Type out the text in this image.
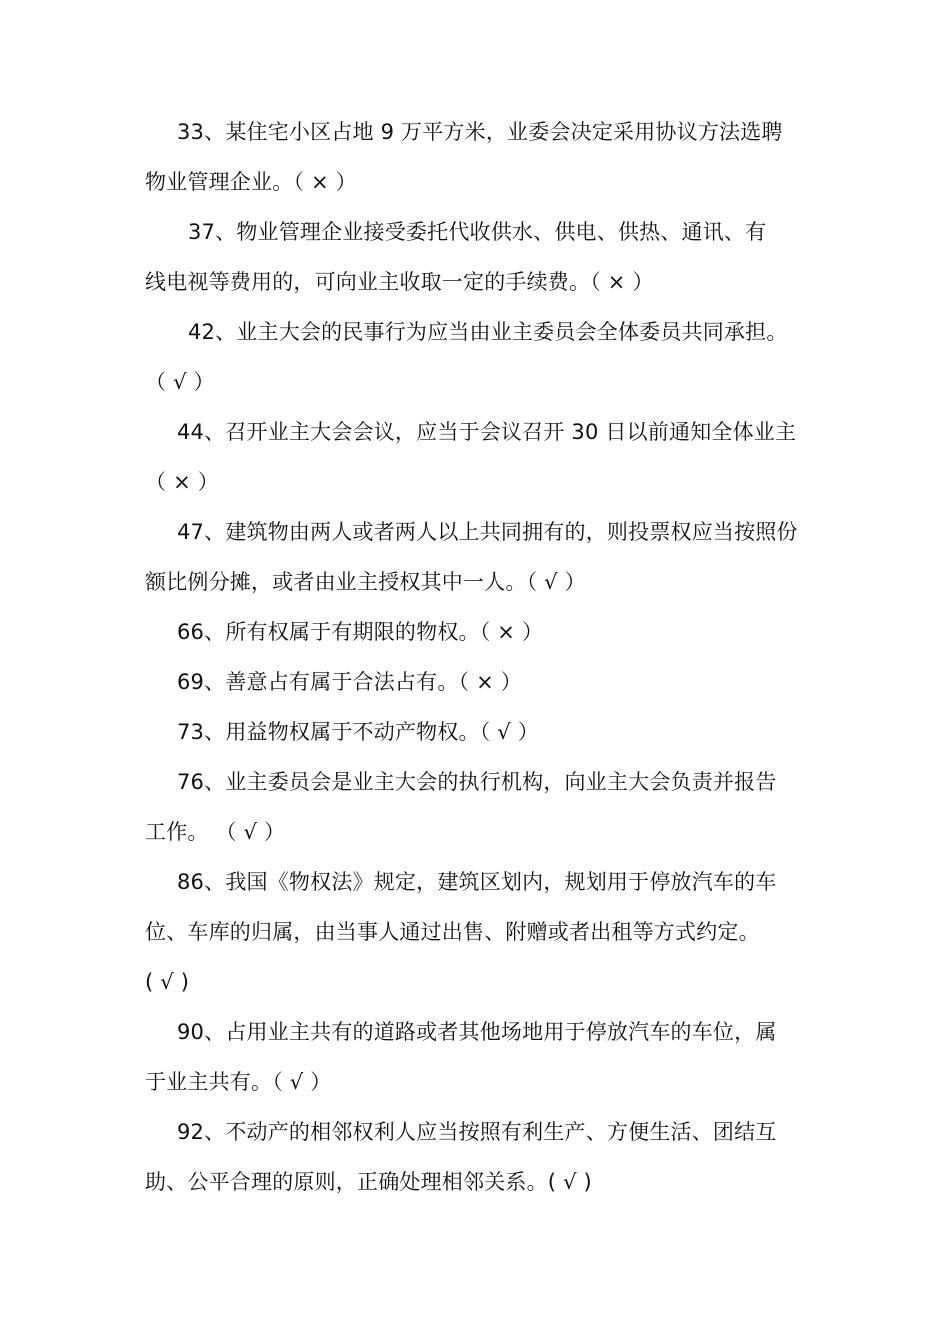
33、某住宅小区占地 9 万平方米，业委会决定采用协议方法选聘
物业管理企业。（ × ）
37、物业管理企业接受委托代收供水、供电、供热、通讯、有
线电视等费用的，可向业主收取一定的手续费。（ × ）
42、业主大会的民事行为应当由业主委员会全体委员共同承担。
（ √ ）
44、召开业主大会会议，应当于会议召开 30 日以前通知全体业主
（ × ）
47、建筑物由两人或者两人以上共同拥有的，则投票权应当按照份
额比例分摊，或者由业主授权其中一人。（ √ ）
66、所有权属于有期限的物权。（ × ）
69、善意占有属于合法占有。（ × ）
73、用益物权属于不动产物权。（ √ ）
76、业主委员会是业主大会的执行机构，向业主大会负责并报告
工作。 （ √ ）
86、我国《物权法》规定，建筑区划内，规划用于停放汽车的车
位、车库的归属，由当事人通过出售、附赠或者出租等方式约定。
( √ )
90、占用业主共有的道路或者其他场地用于停放汽车的车位，属
于业主共有。（ √ ）
92、不动产的相邻权利人应当按照有利生产、方便生活、团结互
助、公平合理的原则，正确处理相邻关系。( √ )
